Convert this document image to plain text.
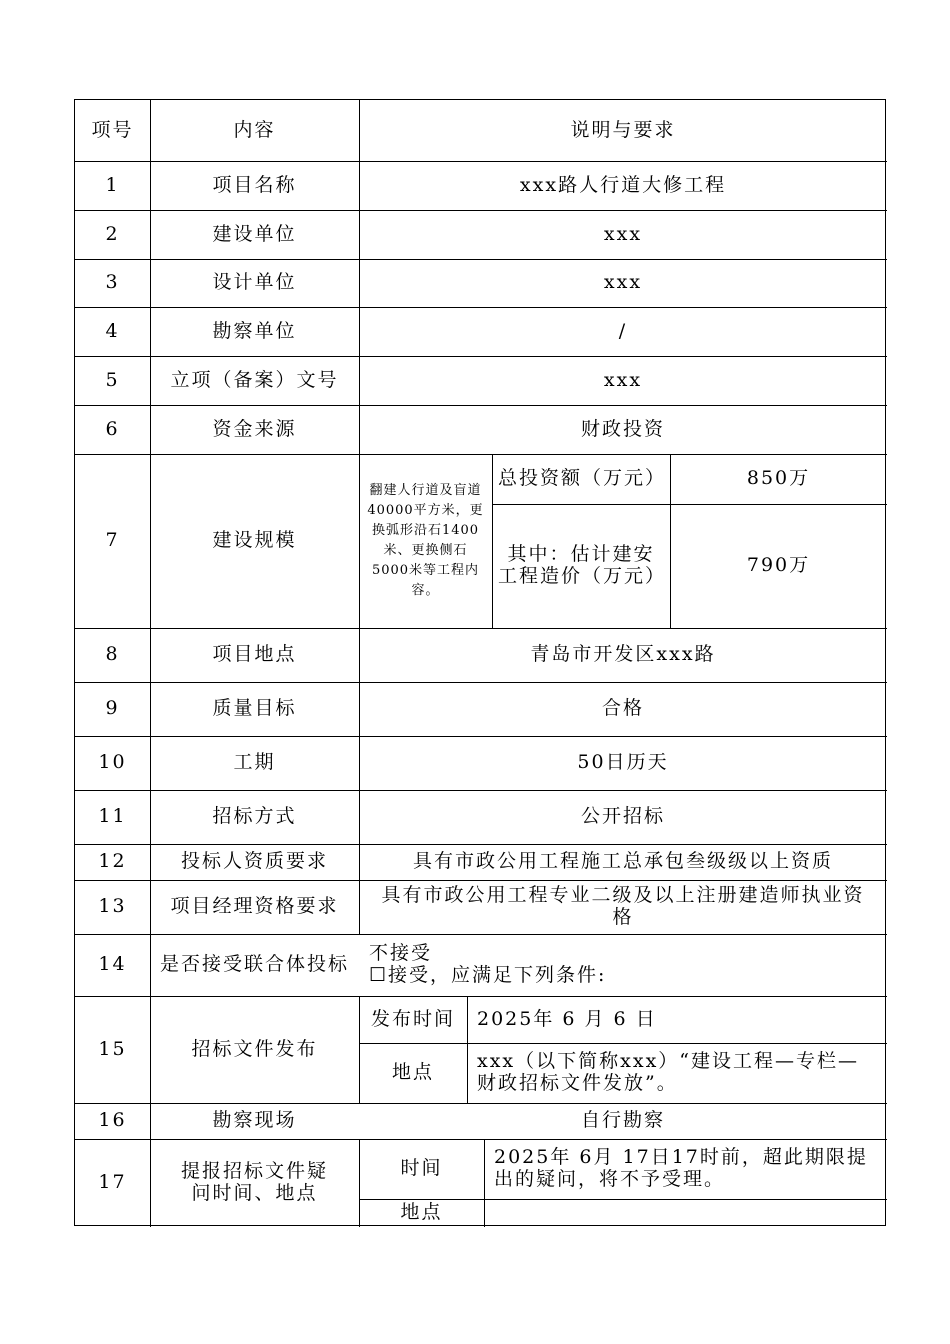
项号	内容	说明与要求
1	项目名称	xxx路人行道大修工程
2	建设单位	xxx
3	设计单位	xxx
4	勘察单位	/
5	立项（备案）文号	xxx
6	资金来源	财政投资
7	建设规模
翻建人行道及盲道40000平方米，更换弧形沿石1400米、更换侧石5000米等工程内容。
总投资额（万元）	850万
其中：估计建安工程造价（万元）	790万
8	项目地点	青岛市开发区xxx路
9	质量目标	合格
10	工期	50日历天
11	招标方式	公开招标
12	投标人资质要求	具有市政公用工程施工总承包叁级级以上资质
13	项目经理资格要求	具有市政公用工程专业二级及以上注册建造师执业资格
14	是否接受联合体投标	不接受
☐接受，应满足下列条件:
15	招标文件发布
发布时间	2025年 6 月 6 日
地点	xxx（以下简称xxx）“建设工程—专栏—财政招标文件发放”。
16	勘察现场	自行勘察
17	提报招标文件疑问时间、地点
时间	2025年 6月 17日17时前，超此期限提出的疑问，将不予受理。
地点
